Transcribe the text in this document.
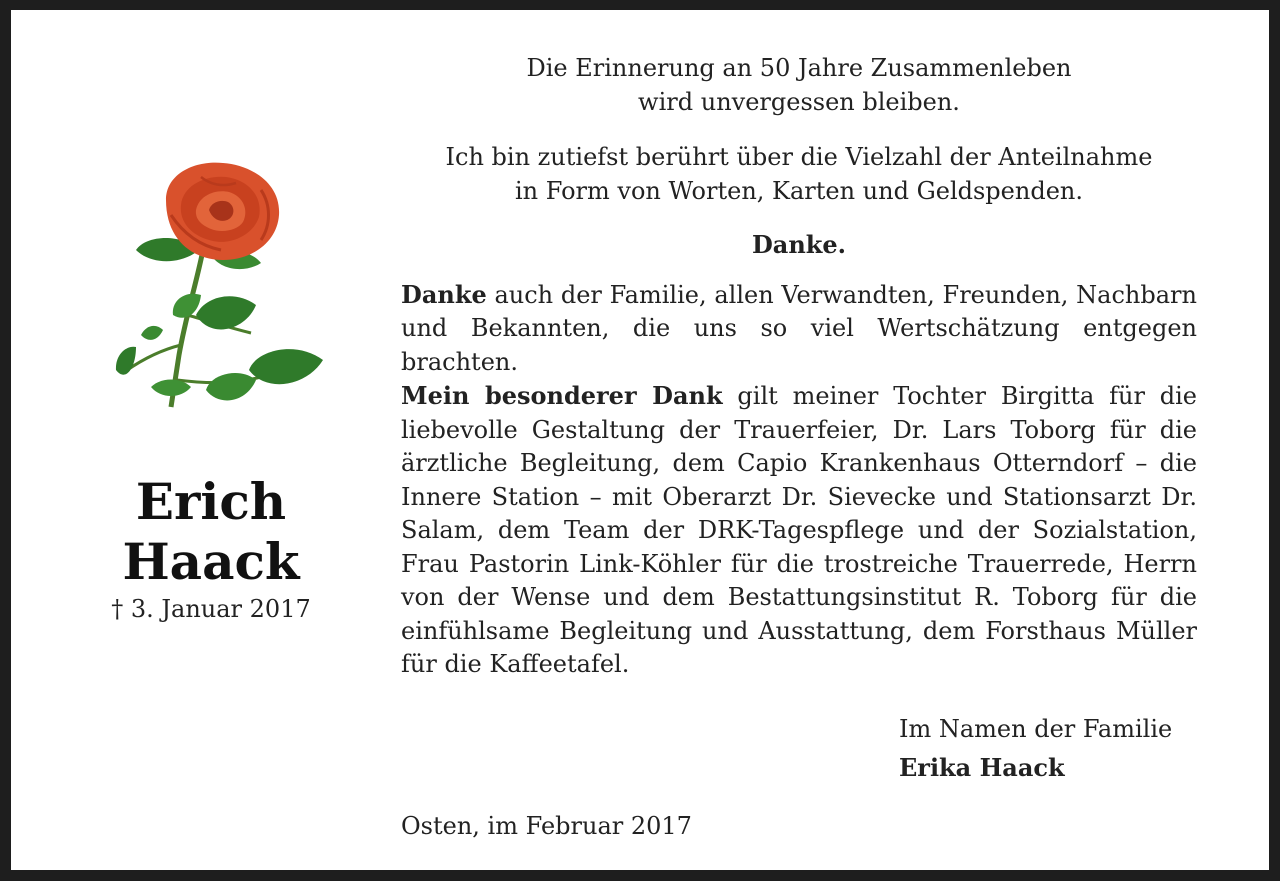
Erich
Haack
† 3. Januar 2017

Die Erinnerung an 50 Jahre Zusammenleben
wird unvergessen bleiben.

Ich bin zutiefst berührt über die Vielzahl der Anteilnahme
in Form von Worten, Karten und Geldspenden.

Danke.

Danke auch der Familie, allen Verwandten, Freunden, Nachbarn und Bekannten, die uns so viel Wertschätzung entgegen brachten.

Mein besonderer Dank gilt meiner Tochter Birgitta für die liebevolle Gestaltung der Trauerfeier, Dr. Lars Toborg für die ärztliche Begleitung, dem Capio Krankenhaus Otterndorf – die Innere Station – mit Oberarzt Dr. Sievecke und Stationsarzt Dr. Salam, dem Team der DRK-Tagespflege und der Sozialstation, Frau Pastorin Link-Köhler für die trostreiche Trauerrede, Herrn von der Wense und dem Bestattungsinstitut R. Toborg für die einfühlsame Begleitung und Ausstattung, dem Forsthaus Müller für die Kaffeetafel.

Im Namen der Familie
Erika Haack
Osten, im Februar 2017
